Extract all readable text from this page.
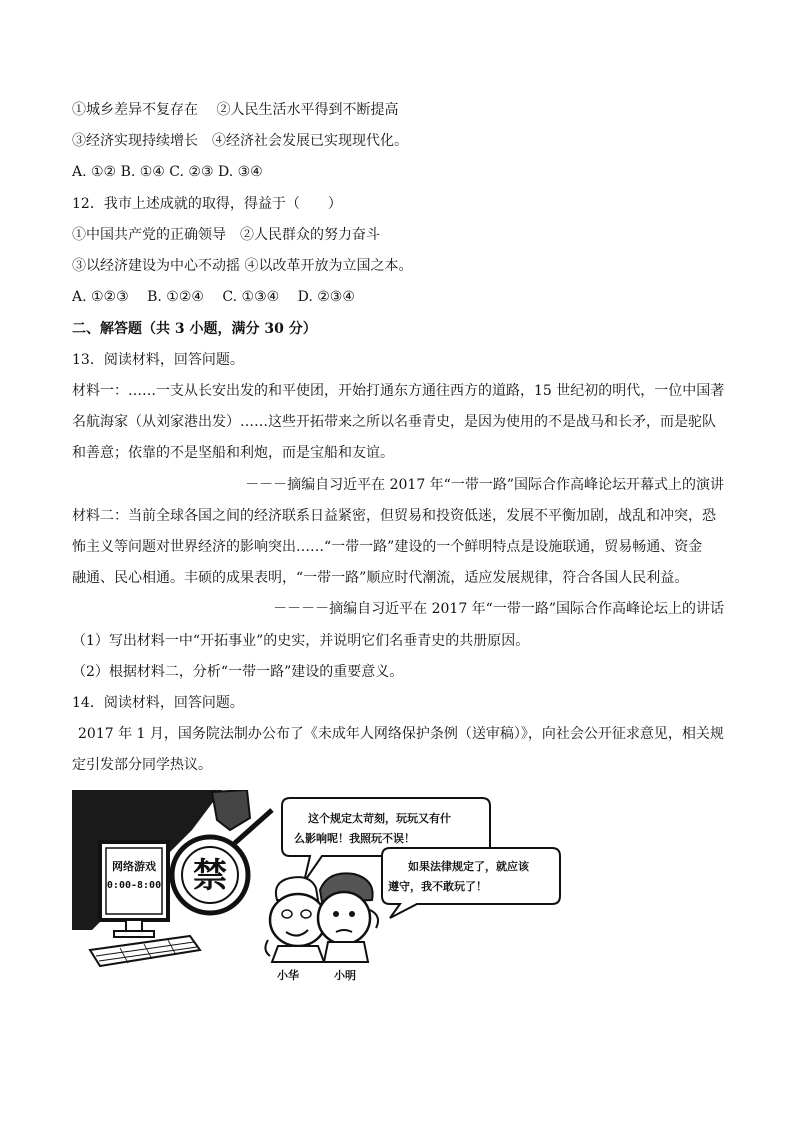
①城乡差异不复存在　 ②人民生活水平得到不断提高
③经济实现持续增长　④经济社会发展已实现现代化。
A. ①② B. ①④ C. ②③ D. ③④
12．我市上述成就的取得，得益于（　　）
①中国共产党的正确领导　②人民群众的努力奋斗
③以经济建设为中心不动摇 ④以改革开放为立国之本。
A. ①②③　 B. ①②④　 C. ①③④　 D. ②③④
二、解答题（共 3 小题，满分 30 分）
13．阅读材料，回答问题。
材料一：……一支从长安出发的和平使团，开始打通东方通往西方的道路，15 世纪初的明代，一位中国著
名航海家（从刘家港出发）……这些开拓带来之所以名垂青史，是因为使用的不是战马和长矛，而是驼队
和善意；依靠的不是坚船和利炮，而是宝船和友谊。
－－－摘编自习近平在 2017 年“一带一路”国际合作高峰论坛开幕式上的演讲
材料二：当前全球各国之间的经济联系日益紧密，但贸易和投资低迷，发展不平衡加剧，战乱和冲突，恐
怖主义等问题对世界经济的影响突出……“一带一路”建设的一个鲜明特点是设施联通，贸易畅通、资金
融通、民心相通。丰硕的成果表明，“一带一路”顺应时代潮流，适应发展规律，符合各国人民利益。
－－－－摘编自习近平在 2017 年“一带一路”国际合作高峰论坛上的讲话
（1）写出材料一中“开拓事业”的史实，并说明它们名垂青史的共册原因。
（2）根据材料二，分析“一带一路”建设的重要意义。
14．阅读材料，回答问题。
2017 年 1 月，国务院法制办公布了《未成年人网络保护条例（送审稿）》，向社会公开征求意见，相关规
定引发部分同学热议。
禁
网络游戏
0:00-8:00
这个规定太苛刻，玩玩又有什
么影响呢！我照玩不误！
如果法律规定了，就应该
遵守，我不敢玩了！
小华	小明
